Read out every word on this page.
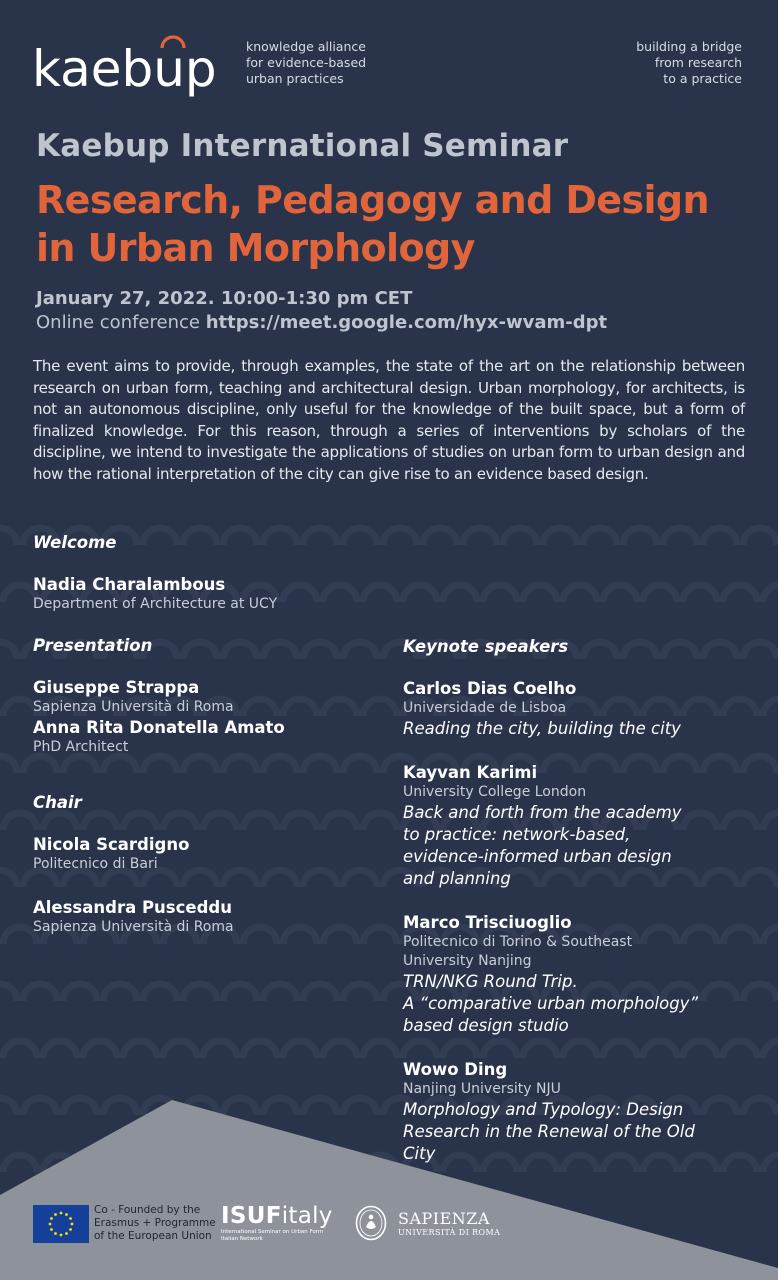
kaebup knowledge alliance
for evidence-based
urban practices
building a bridge
from research
to a practice
Kaebup International Seminar
Research, Pedagogy and Design
in Urban Morphology
January 27, 2022. 10:00-1:30 pm CET
Online conference https://meet.google.com/hyx-wvam-dpt
The event aims to provide, through examples, the state of the art on the relationship between research on urban form, teaching and architectural design. Urban morphology, for architects, is not an autonomous discipline, only useful for the knowledge of the built space, but a form of finalized knowledge. For this reason, through a series of interventions by scholars of the discipline, we intend to investigate the applications of studies on urban form to urban design and how the rational interpretation of the city can give rise to an evidence based design.
Welcome
Nadia Charalambous
Department of Architecture at UCY
Presentation
Giuseppe Strappa
Sapienza Università di Roma
Anna Rita Donatella Amato
PhD Architect
Chair
Nicola Scardigno
Politecnico di Bari
Alessandra Pusceddu
Sapienza Università di Roma
Keynote speakers
Carlos Dias Coelho
Universidade de Lisboa
Reading the city, building the city
Kayvan Karimi
University College London
Back and forth from the academy
to practice: network-based,
evidence-informed urban design
and planning
Marco Trisciuoglio
Politecnico di Torino & Southeast
University Nanjing
TRN/NKG Round Trip.
A “comparative urban morphology”
based design studio
Wowo Ding
Nanjing University NJU
Morphology and Typology: Design
Research in the Renewal of the Old
City
Co - Founded by the
Erasmus + Programme
of the European Union
ISUFitaly
International Seminar on Urban Form
Italian Network
SAPIENZA
UNIVERSITÀ DI ROMA
